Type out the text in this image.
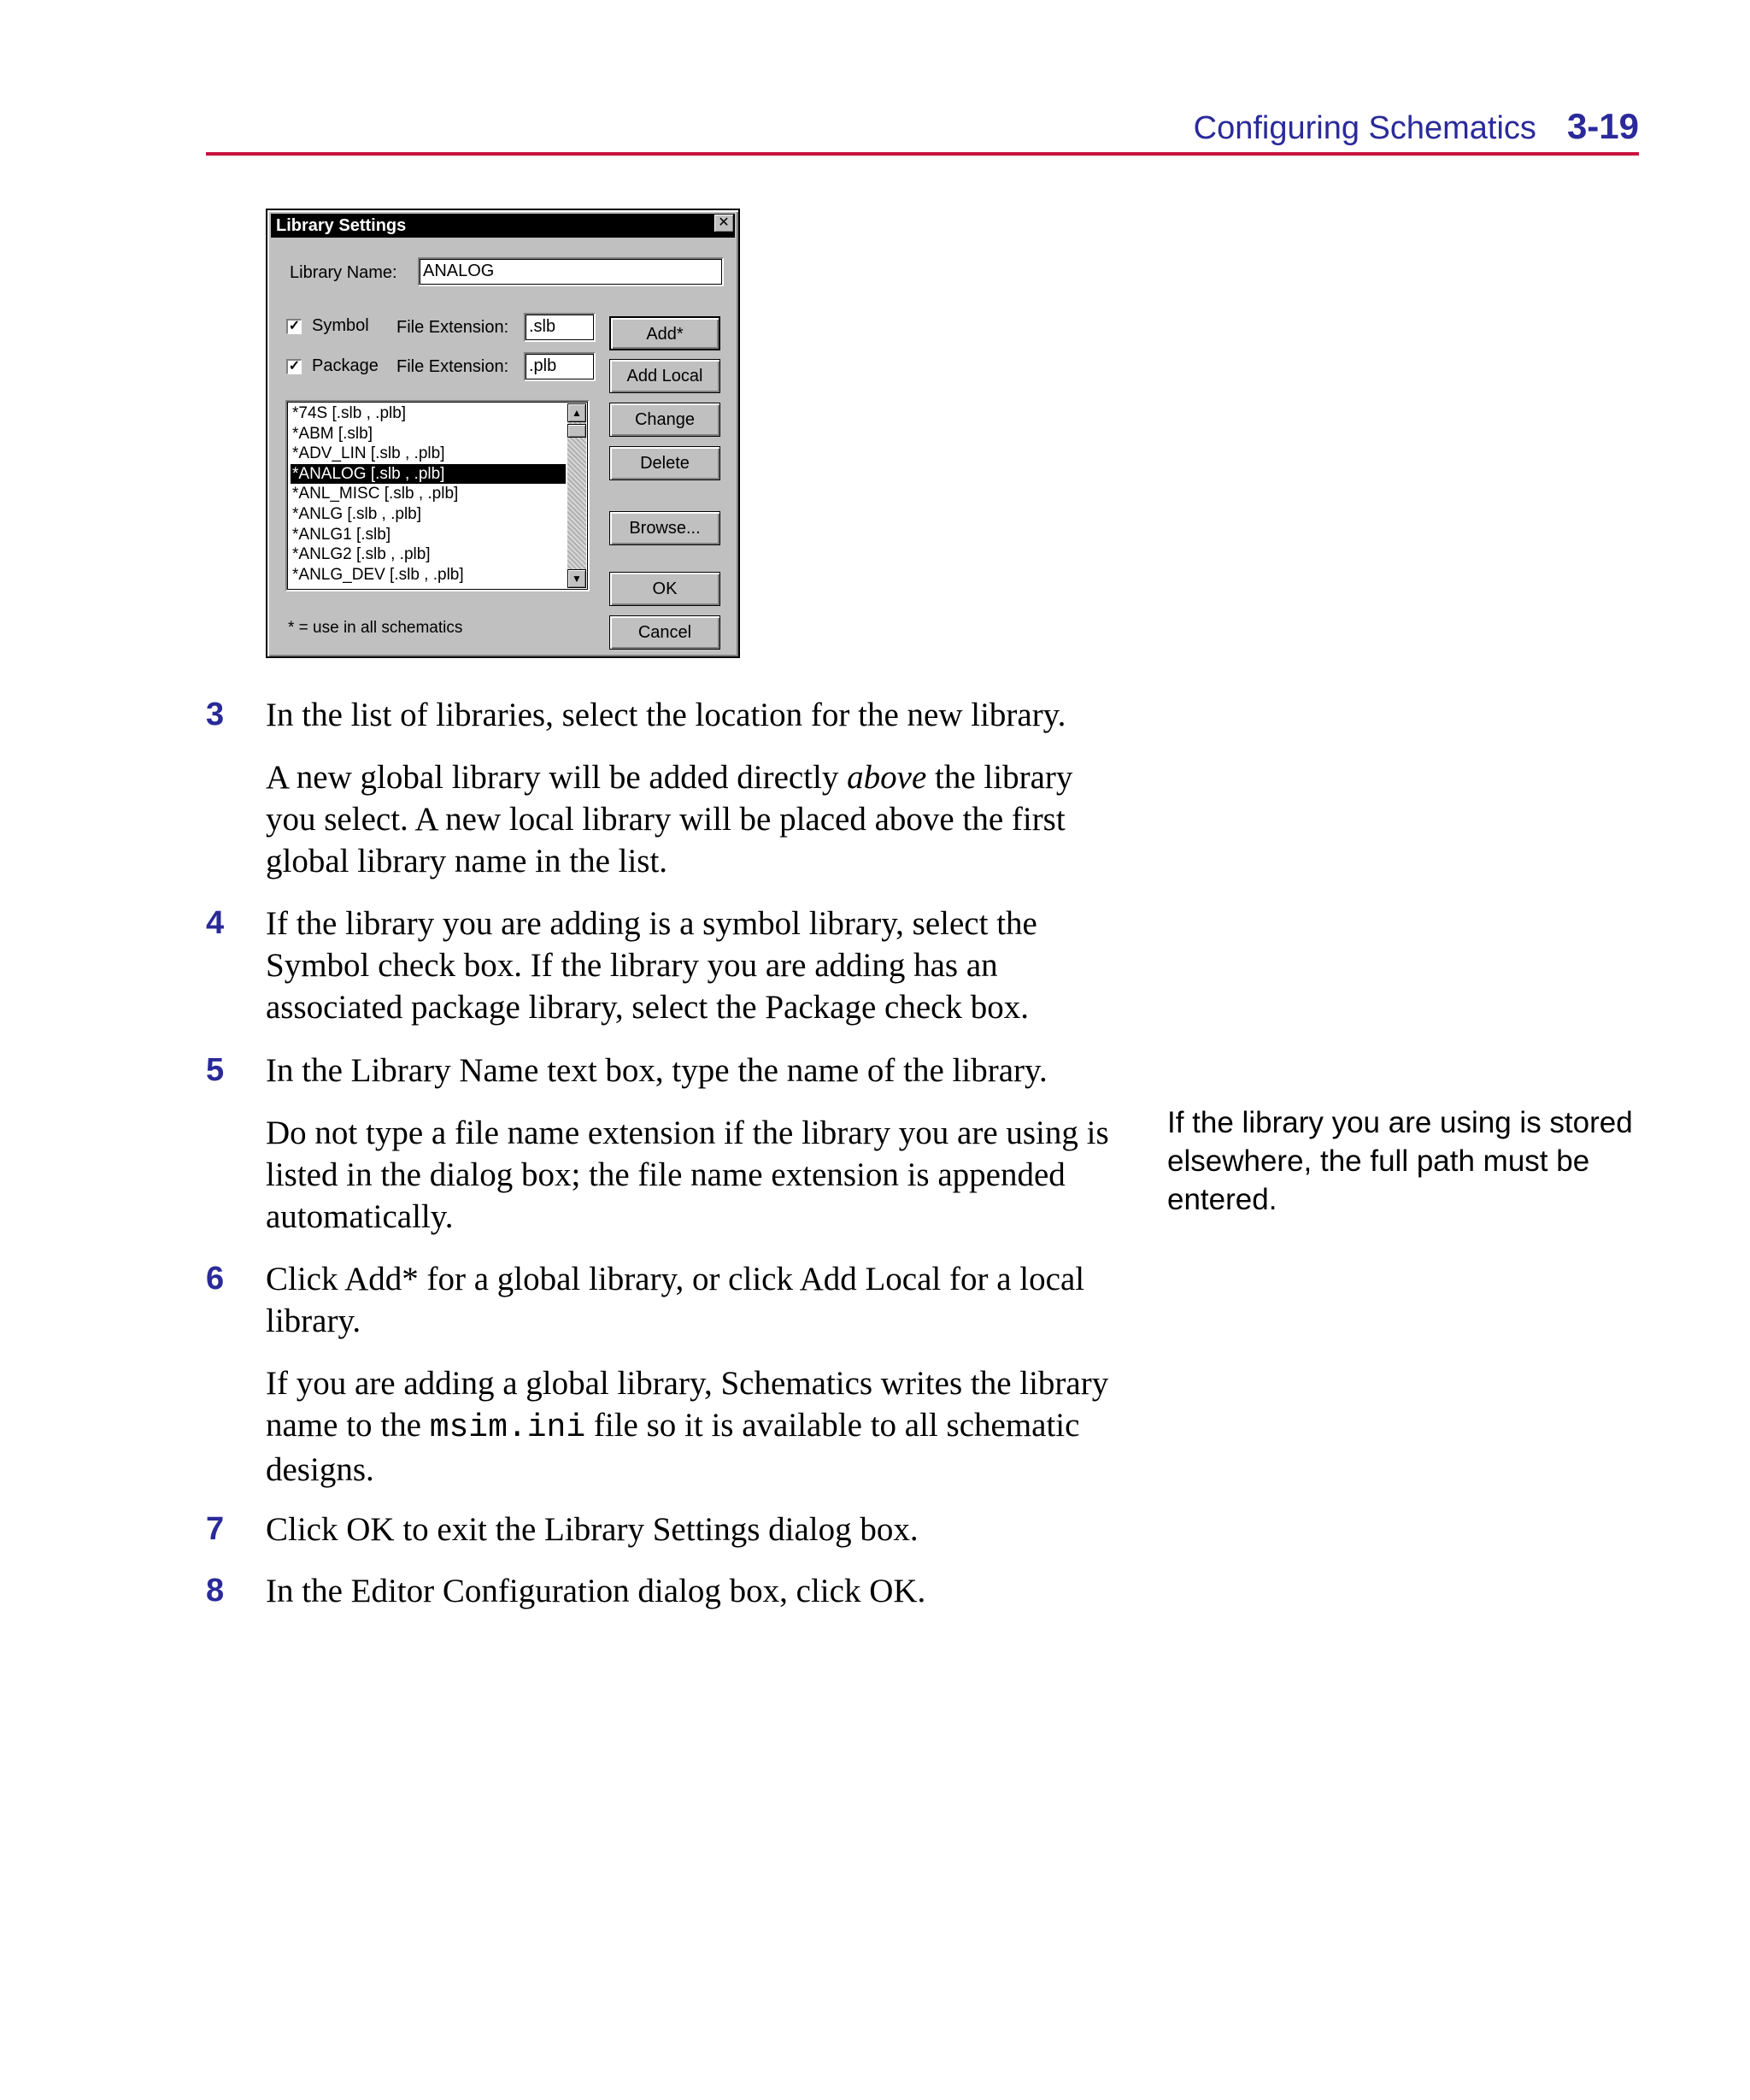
Configuring Schematics 3-19
Library Settings	✕
Library Name:	ANALOG
✓ Symbol File Extension:	.slb
✓ Package File Extension:	.plb
*74S [.slb , .plb]
*ABM [.slb]
*ADV_LIN [.slb , .plb]
*ANALOG [.slb , .plb]
*ANL_MISC [.slb , .plb]
*ANLG [.slb , .plb]
*ANLG1 [.slb]
*ANLG2 [.slb , .plb]
*ANLG_DEV [.slb , .plb]
▲
▼
Add*
Add Local
Change
Delete
Browse...
OK
Cancel
* = use in all schematics
3 In the list of libraries, select the location for the new library.
A new global library will be added directly above the library you select. A new local library will be placed above the first global library name in the list.
4 If the library you are adding is a symbol library, select the Symbol check box. If the library you are adding has an associated package library, select the Package check box.
5 In the Library Name text box, type the name of the library.
Do not type a file name extension if the library you are using is listed in the dialog box; the file name extension is appended automatically.
If the library you are using is stored elsewhere, the full path must be entered.
6 Click Add* for a global library, or click Add Local for a local library.
If you are adding a global library, Schematics writes the library name to the msim.ini file so it is available to all schematic designs.
7 Click OK to exit the Library Settings dialog box.
8 In the Editor Configuration dialog box, click OK.
